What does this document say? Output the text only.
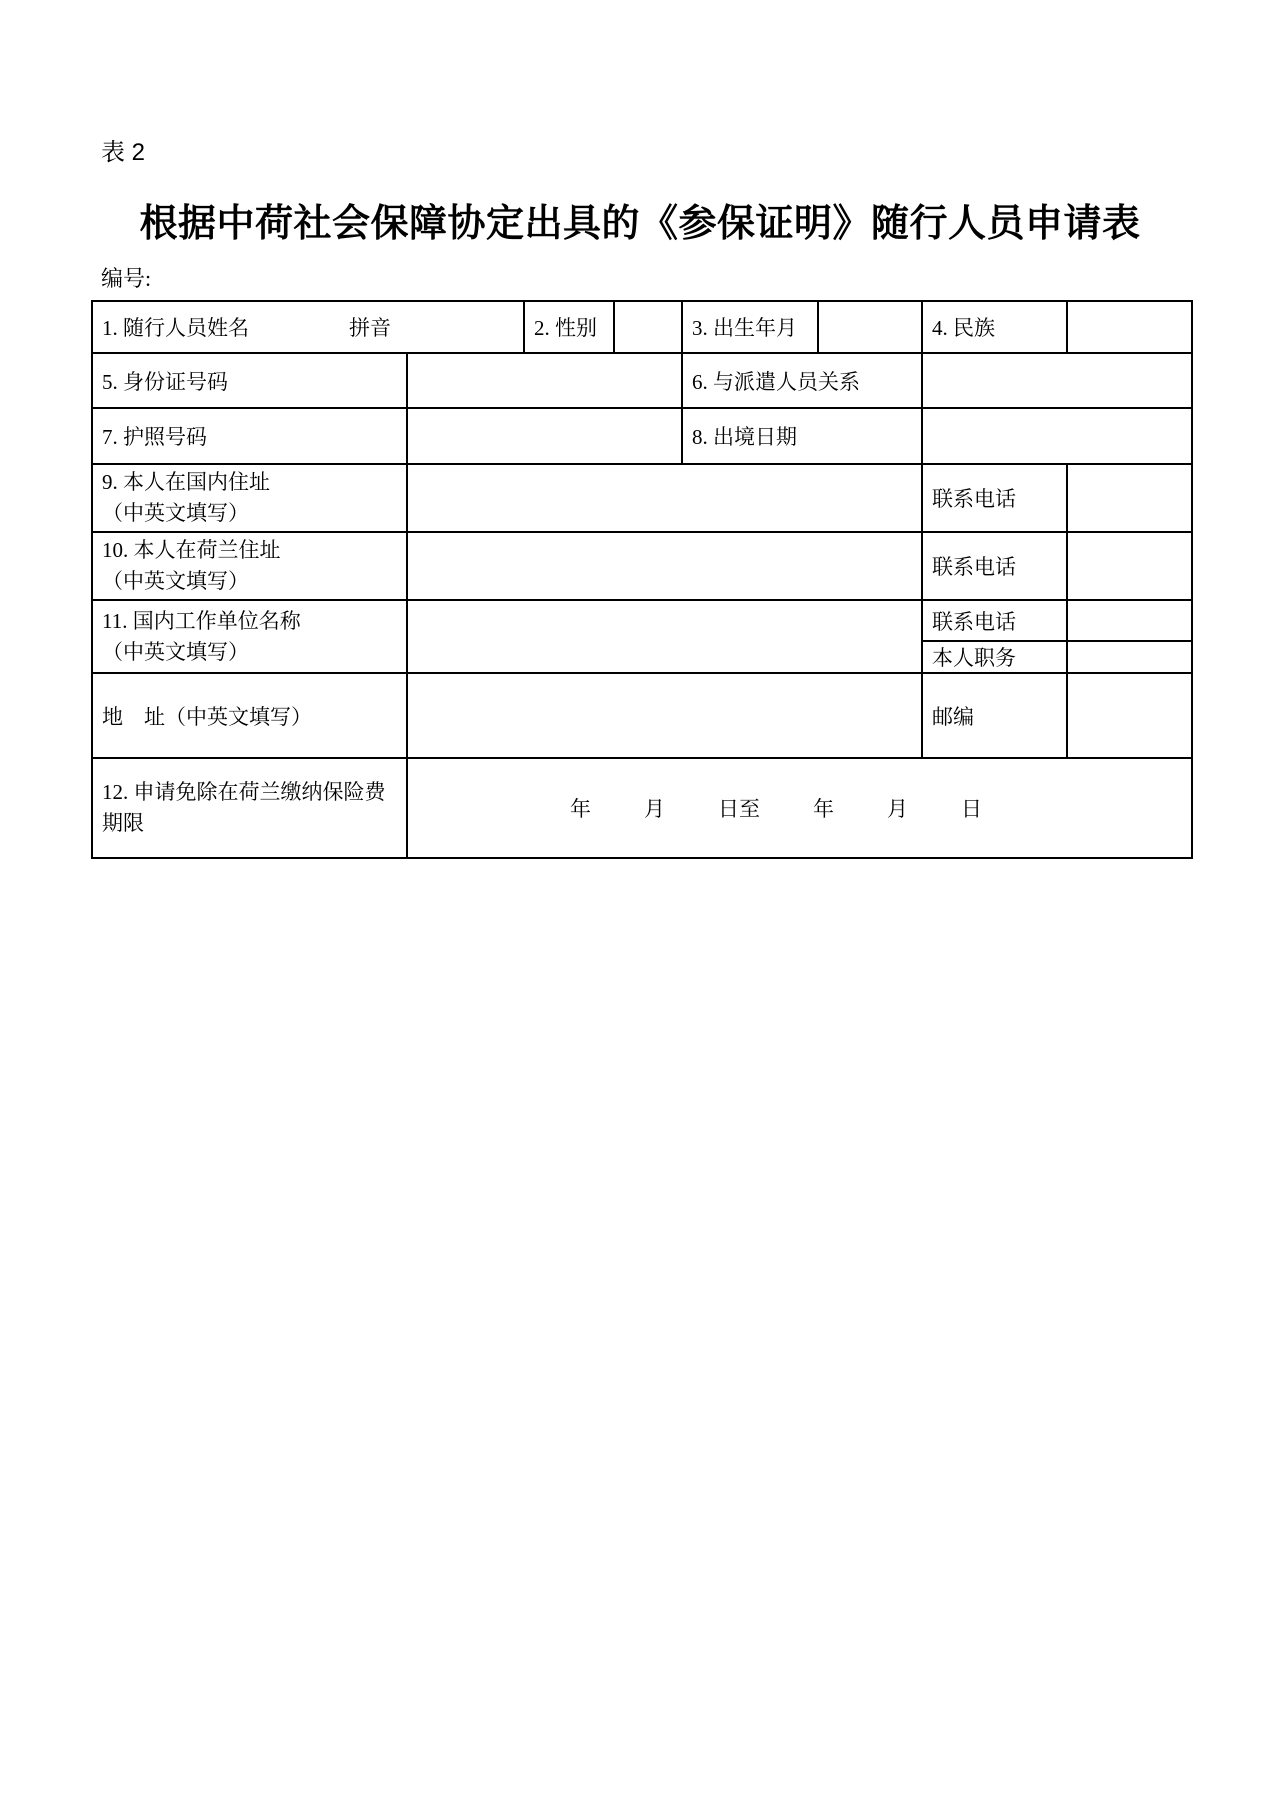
表 2
根据中荷社会保障协定出具的《参保证明》随行人员申请表
编号:
1. 随行人员姓名 拼音		2. 性别		3. 出生年月		4. 民族	
5. 身份证号码				6. 与派遣人员关系			
7. 护照号码				8. 出境日期			

9. 本人在国内住址
（中英文填写）						联系电话	

10. 本人在荷兰住址
（中英文填写）						联系电话	

11. 国内工作单位名称
（中英文填写）						联系电话	
						本人职务	
地　址（中英文填写）						邮编	

12. 申请免除在荷兰缴纳保险费
期限

年	月	日至	年	月	日
